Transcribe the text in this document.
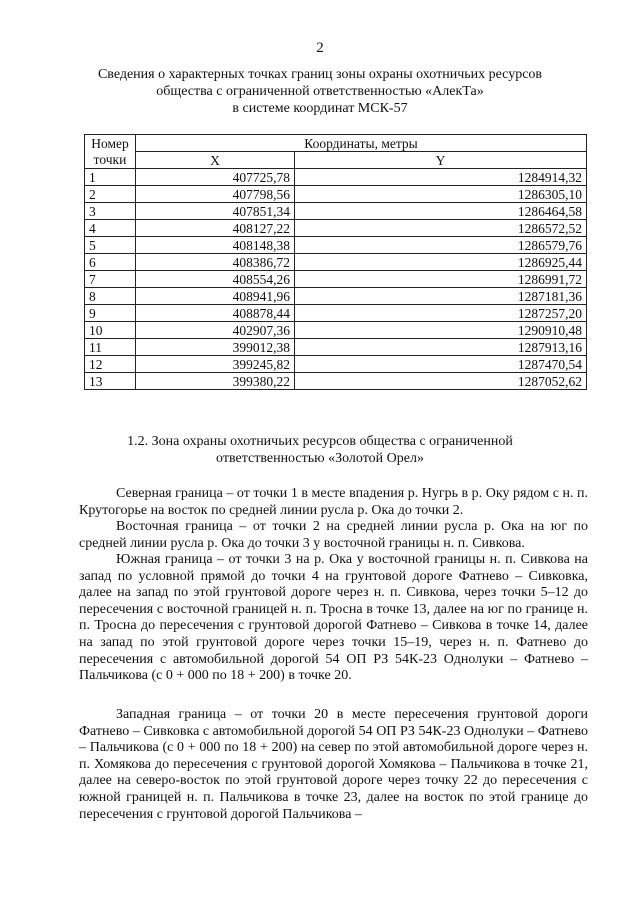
2
Сведения о характерных точках границ зоны охраны охотничьих ресурсов
общества с ограниченной ответственностью «АлекТа»
в системе координат МСК-57
Номер
точки	Координаты, метры	
	X	Y
1	407725,78	1284914,32
2	407798,56	1286305,10
3	407851,34	1286464,58
4	408127,22	1286572,52
5	408148,38	1286579,76
6	408386,72	1286925,44
7	408554,26	1286991,72
8	408941,96	1287181,36
9	408878,44	1287257,20
10	402907,36	1290910,48
11	399012,38	1287913,16
12	399245,82	1287470,54
13	399380,22	1287052,62
1.2. Зона охраны охотничьих ресурсов общества с ограниченной
ответственностью «Золотой Орел»

Северная граница – от точки 1 в месте впадения р. Нугрь в р. Оку рядом с н. п. Крутогорье на восток по средней линии русла р. Ока до точки 2.

Восточная граница – от точки 2 на средней линии русла р. Ока на юг по средней линии русла р. Ока до точки 3 у восточной границы н. п. Сивкова.

Южная граница – от точки 3 на р. Ока у восточной границы н. п. Сивкова на запад по условной прямой до точки 4 на грунтовой дороге Фатнево – Сивковка, далее на запад по этой грунтовой дороге через н. п. Сивкова, через точки 5–12 до пересечения с восточной границей н. п. Тросна в точке 13, далее на юг по границе н. п. Тросна до пересечения с грунтовой дорогой Фатнево – Сивкова в точке 14, далее на запад по этой грунтовой дороге через точки 15–19, через н. п. Фатнево до пересечения с автомобильной дорогой 54 ОП РЗ 54К-23 Однолуки – Фатнево – Пальчикова (с 0 + 000 по 18 + 200) в точке 20.

Западная граница – от точки 20 в месте пересечения грунтовой дороги Фатнево – Сивковка с автомобильной дорогой 54 ОП РЗ 54К-23 Однолуки – Фатнево – Пальчикова (с 0 + 000 по 18 + 200) на север по этой автомобильной дороге через н. п. Хомякова до пересечения с грунтовой дорогой Хомякова – Пальчикова в точке 21, далее на северо-восток по этой грунтовой дороге через точку 22 до пересечения с южной границей н. п. Пальчикова в точке 23, далее на восток по этой границе до пересечения с грунтовой дорогой Пальчикова –
